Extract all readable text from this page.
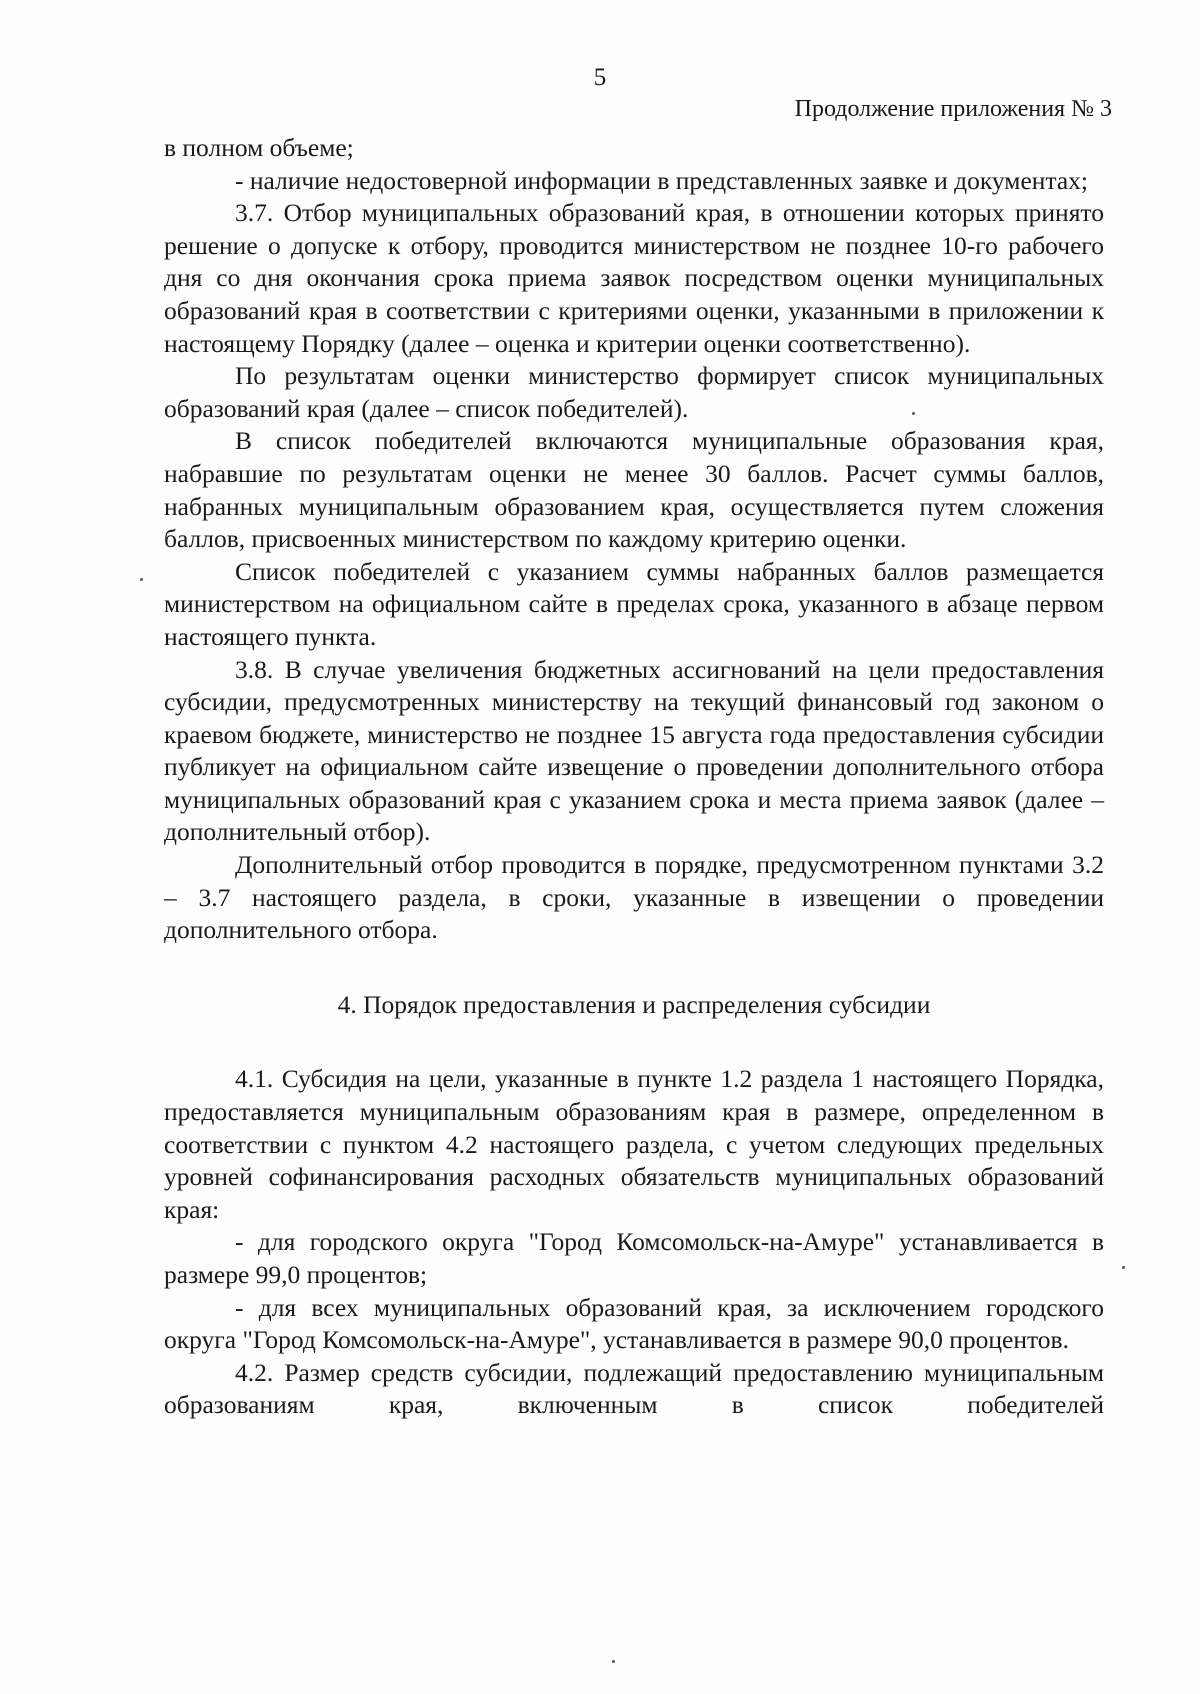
5
Продолжение приложения № 3

в полном объеме;

- наличие недостоверной информации в представленных заявке и документах;

3.7. Отбор муниципальных образований края, в отношении которых принято решение о допуске к отбору, проводится министерством не позднее 10-го рабочего дня со дня окончания срока приема заявок посредством оценки муниципальных образований края в соответствии с критериями оценки, указанными в приложении к настоящему Порядку (далее – оценка и критерии оценки соответственно).

По результатам оценки министерство формирует список муниципальных образований края (далее – список победителей).

В список победителей включаются муниципальные образования края, набравшие по результатам оценки не менее 30 баллов. Расчет суммы баллов, набранных муниципальным образованием края, осуществляется путем сложения баллов, присвоенных министерством по каждому критерию оценки.

Список победителей с указанием суммы набранных баллов размещается министерством на официальном сайте в пределах срока, указанного в абзаце первом настоящего пункта.

3.8. В случае увеличения бюджетных ассигнований на цели предоставления субсидии, предусмотренных министерству на текущий финансовый год законом о краевом бюджете, министерство не позднее 15 августа года предоставления субсидии публикует на официальном сайте извещение о проведении дополнительного отбора муниципальных образований края с указанием срока и места приема заявок (далее – дополнительный отбор).

Дополнительный отбор проводится в порядке, предусмотренном пунктами 3.2 – 3.7 настоящего раздела, в сроки, указанные в извещении о проведении дополнительного отбора.

4. Порядок предоставления и распределения субсидии

4.1. Субсидия на цели, указанные в пункте 1.2 раздела 1 настоящего Порядка, предоставляется муниципальным образованиям края в размере, определенном в соответствии с пунктом 4.2 настоящего раздела, с учетом следующих предельных уровней софинансирования расходных обязательств муниципальных образований края:

- для городского округа "Город Комсомольск-на-Амуре" устанавливается в размере 99,0 процентов;

- для всех муниципальных образований края, за исключением городского округа "Город Комсомольск-на-Амуре", устанавливается в размере 90,0 процентов.

4.2. Размер средств субсидии, подлежащий предоставлению муниципальным образованиям края, включенным в список победителей
